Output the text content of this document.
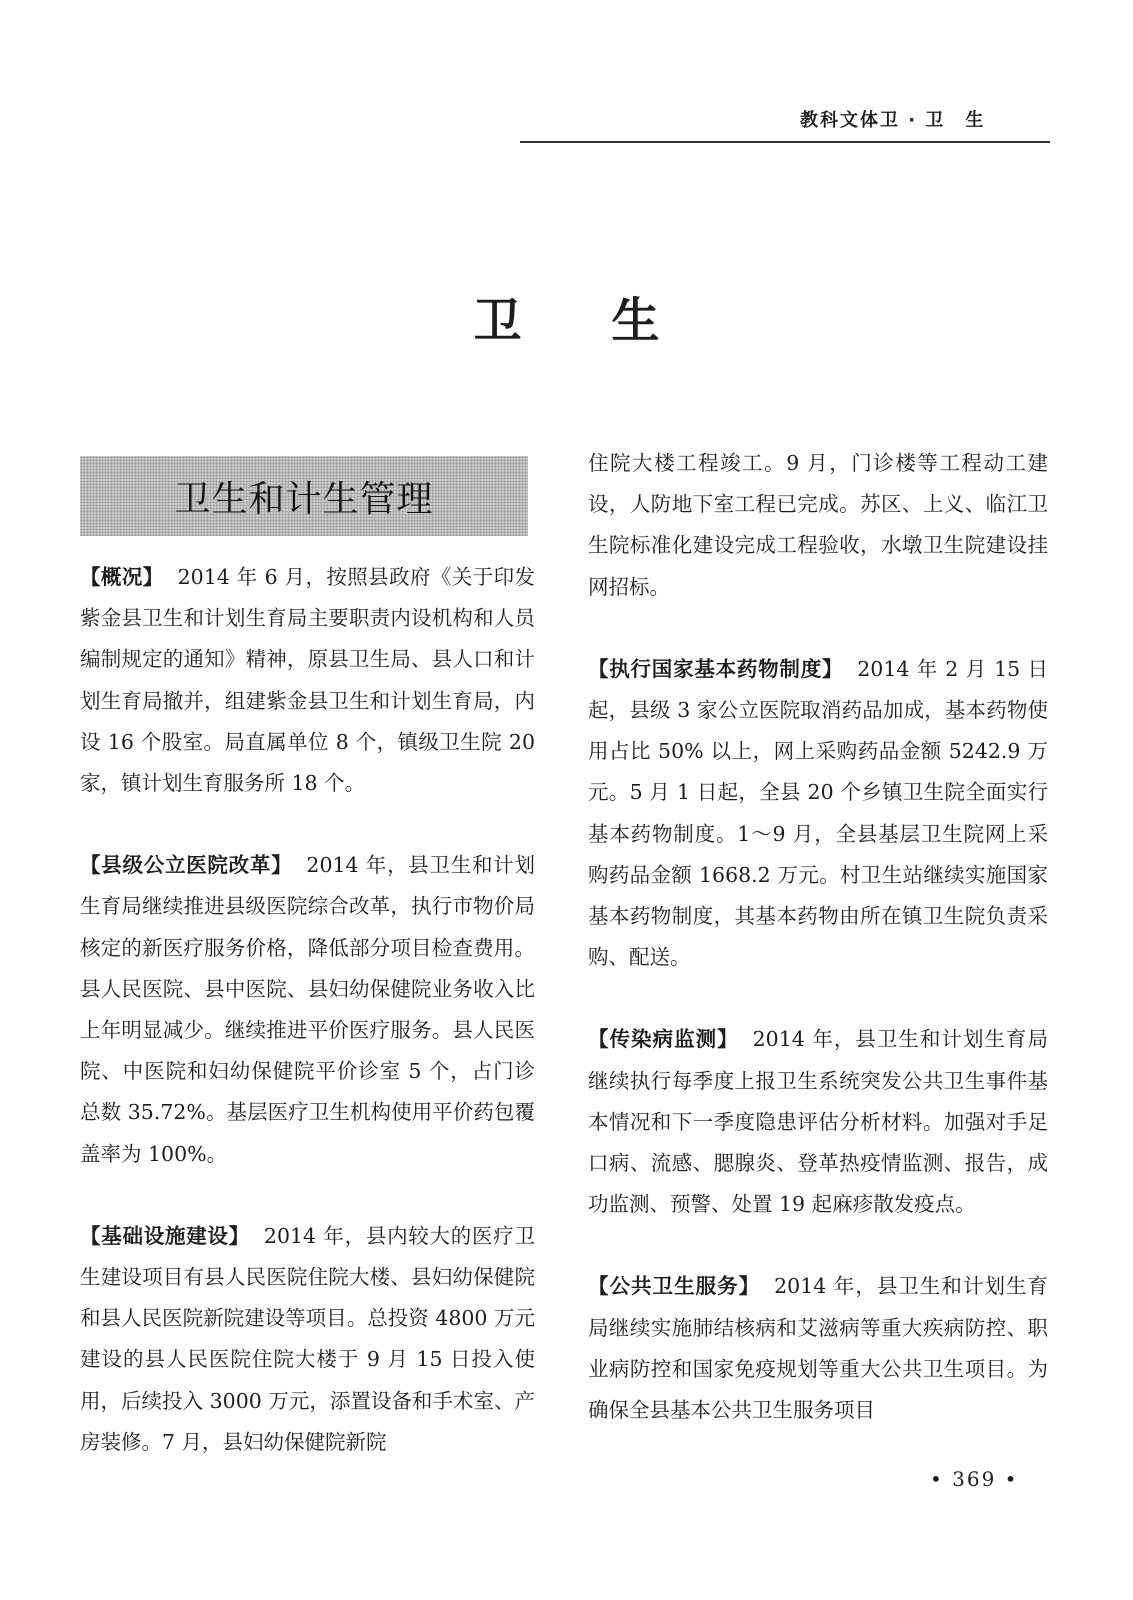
教科文体卫 · 卫　生
卫生
卫生和计生管理

【概况】 2014 年 6 月，按照县政府《关于印发紫金县卫生和计划生育局主要职责内设机构和人员编制规定的通知》精神，原县卫生局、县人口和计划生育局撤并，组建紫金县卫生和计划生育局，内设 16 个股室。局直属单位 8 个，镇级卫生院 20 家，镇计划生育服务所 18 个。

【县级公立医院改革】 2014 年，县卫生和计划生育局继续推进县级医院综合改革，执行市物价局核定的新医疗服务价格，降低部分项目检查费用。县人民医院、县中医院、县妇幼保健院业务收入比上年明显减少。继续推进平价医疗服务。县人民医院、中医院和妇幼保健院平价诊室 5 个，占门诊总数 35.72%。基层医疗卫生机构使用平价药包覆盖率为 100%。

【基础设施建设】 2014 年，县内较大的医疗卫生建设项目有县人民医院住院大楼、县妇幼保健院和县人民医院新院建设等项目。总投资 4800 万元建设的县人民医院住院大楼于 9 月 15 日投入使用，后续投入 3000 万元，添置设备和手术室、产房装修。7 月，县妇幼保健院新院

住院大楼工程竣工。9 月，门诊楼等工程动工建设，人防地下室工程已完成。苏区、上义、临江卫生院标准化建设完成工程验收，水墩卫生院建设挂网招标。

【执行国家基本药物制度】 2014 年 2 月 15 日起，县级 3 家公立医院取消药品加成，基本药物使用占比 50% 以上，网上采购药品金额 5242.9 万元。5 月 1 日起，全县 20 个乡镇卫生院全面实行基本药物制度。1～9 月，全县基层卫生院网上采购药品金额 1668.2 万元。村卫生站继续实施国家基本药物制度，其基本药物由所在镇卫生院负责采购、配送。

【传染病监测】 2014 年，县卫生和计划生育局继续执行每季度上报卫生系统突发公共卫生事件基本情况和下一季度隐患评估分析材料。加强对手足口病、流感、腮腺炎、登革热疫情监测、报告，成功监测、预警、处置 19 起麻疹散发疫点。

【公共卫生服务】 2014 年，县卫生和计划生育局继续实施肺结核病和艾滋病等重大疾病防控、职业病防控和国家免疫规划等重大公共卫生项目。为确保全县基本公共卫生服务项目

• 369 •
